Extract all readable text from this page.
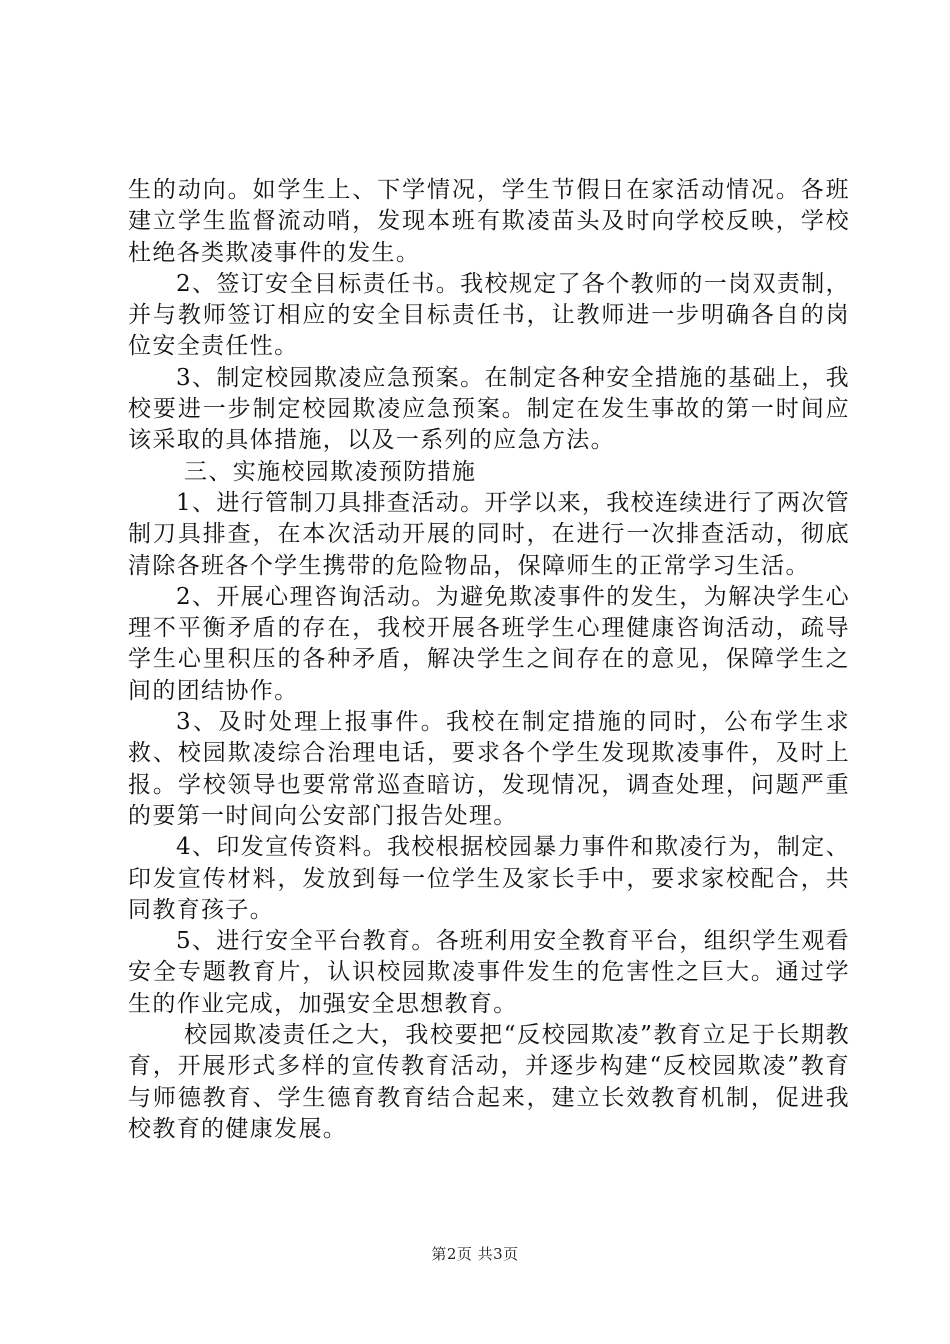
生的动向。如学生上、下学情况，学生节假日在家活动情况。各班建立学生监督流动哨，发现本班有欺凌苗头及时向学校反映，学校杜绝各类欺凌事件的发生。

2、签订安全目标责任书。我校规定了各个教师的一岗双责制，并与教师签订相应的安全目标责任书，让教师进一步明确各自的岗位安全责任性。

3、制定校园欺凌应急预案。在制定各种安全措施的基础上，我校要进一步制定校园欺凌应急预案。制定在发生事故的第一时间应该采取的具体措施，以及一系列的应急方法。

三、实施校园欺凌预防措施

1、进行管制刀具排查活动。开学以来，我校连续进行了两次管制刀具排查，在本次活动开展的同时，在进行一次排查活动，彻底清除各班各个学生携带的危险物品，保障师生的正常学习生活。

2、开展心理咨询活动。为避免欺凌事件的发生，为解决学生心理不平衡矛盾的存在，我校开展各班学生心理健康咨询活动，疏导学生心里积压的各种矛盾，解决学生之间存在的意见，保障学生之间的团结协作。

3、及时处理上报事件。我校在制定措施的同时，公布学生求救、校园欺凌综合治理电话，要求各个学生发现欺凌事件，及时上报。学校领导也要常常巡查暗访，发现情况，调查处理，问题严重的要第一时间向公安部门报告处理。

4、印发宣传资料。我校根据校园暴力事件和欺凌行为，制定、印发宣传材料，发放到每一位学生及家长手中，要求家校配合，共同教育孩子。

5、进行安全平台教育。各班利用安全教育平台，组织学生观看安全专题教育片，认识校园欺凌事件发生的危害性之巨大。通过学生的作业完成，加强安全思想教育。

校园欺凌责任之大，我校要把“反校园欺凌”教育立足于长期教育，开展形式多样的宣传教育活动，并逐步构建“反校园欺凌”教育与师德教育、学生德育教育结合起来，建立长效教育机制，促进我校教育的健康发展。

第2页 共3页
